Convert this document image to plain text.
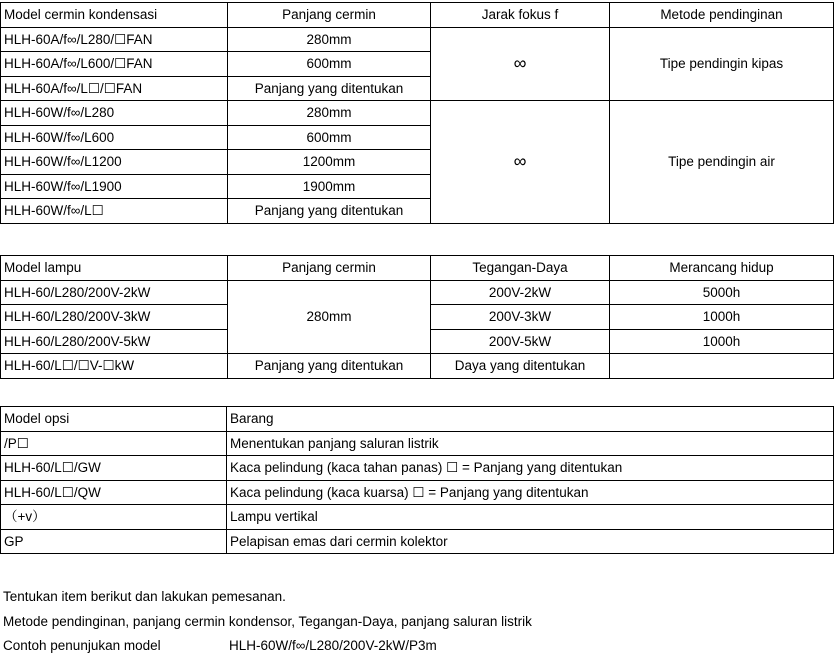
Model cermin kondensasi	Panjang cermin	Jarak fokus f	Metode pendinginan
HLH-60A/f∞/L280/☐FAN	280mm	∞	Tipe pendingin kipas
HLH-60A/f∞/L600/☐FAN	600mm		
HLH-60A/f∞/L☐/☐FAN	Panjang yang ditentukan		
HLH-60W/f∞/L280	280mm	∞	Tipe pendingin air
HLH-60W/f∞/L600	600mm		
HLH-60W/f∞/L1200	1200mm		
HLH-60W/f∞/L1900	1900mm		
HLH-60W/f∞/L☐	Panjang yang ditentukan		
Model lampu	Panjang cermin	Tegangan-Daya	Merancang hidup
HLH-60/L280/200V-2kW	280mm	200V-2kW	5000h
HLH-60/L280/200V-3kW		200V-3kW	1000h
HLH-60/L280/200V-5kW		200V-5kW	1000h
HLH-60/L☐/☐V-☐kW	Panjang yang ditentukan	Daya yang ditentukan	
Model opsi	Barang
/P☐	Menentukan panjang saluran listrik
HLH-60/L☐/GW	Kaca pelindung (kaca tahan panas) ☐ = Panjang yang ditentukan
HLH-60/L☐/QW	Kaca pelindung (kaca kuarsa) ☐ = Panjang yang ditentukan
（+v）	Lampu vertikal
GP	Pelapisan emas dari cermin kolektor
Tentukan item berikut dan lakukan pemesanan.
Metode pendinginan, panjang cermin kondensor, Tegangan-Daya, panjang saluran listrik
Contoh penunjukan model	HLH-60W/f∞/L280/200V-2kW/P3m
